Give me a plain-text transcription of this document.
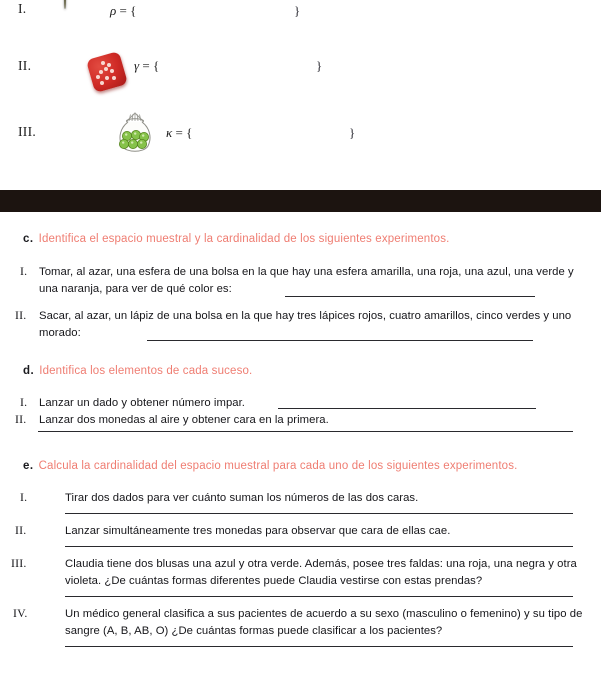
I.	ρ = {	}
II.	γ = {	}
III.	κ = {	}
c. Identifica el espacio muestral y la cardinalidad de los siguientes experimentos.
I. Tomar, al azar, una esfera de una bolsa en la que hay una esfera amarilla, una roja, una azul, una verde y una naranja, para ver de qué color es:
II. Sacar, al azar, un lápiz de una bolsa en la que hay tres lápices rojos, cuatro amarillos, cinco verdes y uno morado:
d. Identifica los elementos de cada suceso.
I. Lanzar un dado y obtener número impar.
II. Lanzar dos monedas al aire y obtener cara en la primera.
e. Calcula la cardinalidad del espacio muestral para cada uno de los siguientes experimentos.
I.	Tirar dos dados para ver cuánto suman los números de las dos caras.
II.	Lanzar simultáneamente tres monedas para observar que cara de ellas cae.
III.	Claudia tiene dos blusas una azul y otra verde. Además, posee tres faldas: una roja, una negra y otra violeta. ¿De cuántas formas diferentes puede Claudia vestirse con estas prendas?
IV.	Un médico general clasifica a sus pacientes de acuerdo a su sexo (masculino o femenino) y su tipo de sangre (A, B, AB, O) ¿De cuántas formas puede clasificar a los pacientes?
